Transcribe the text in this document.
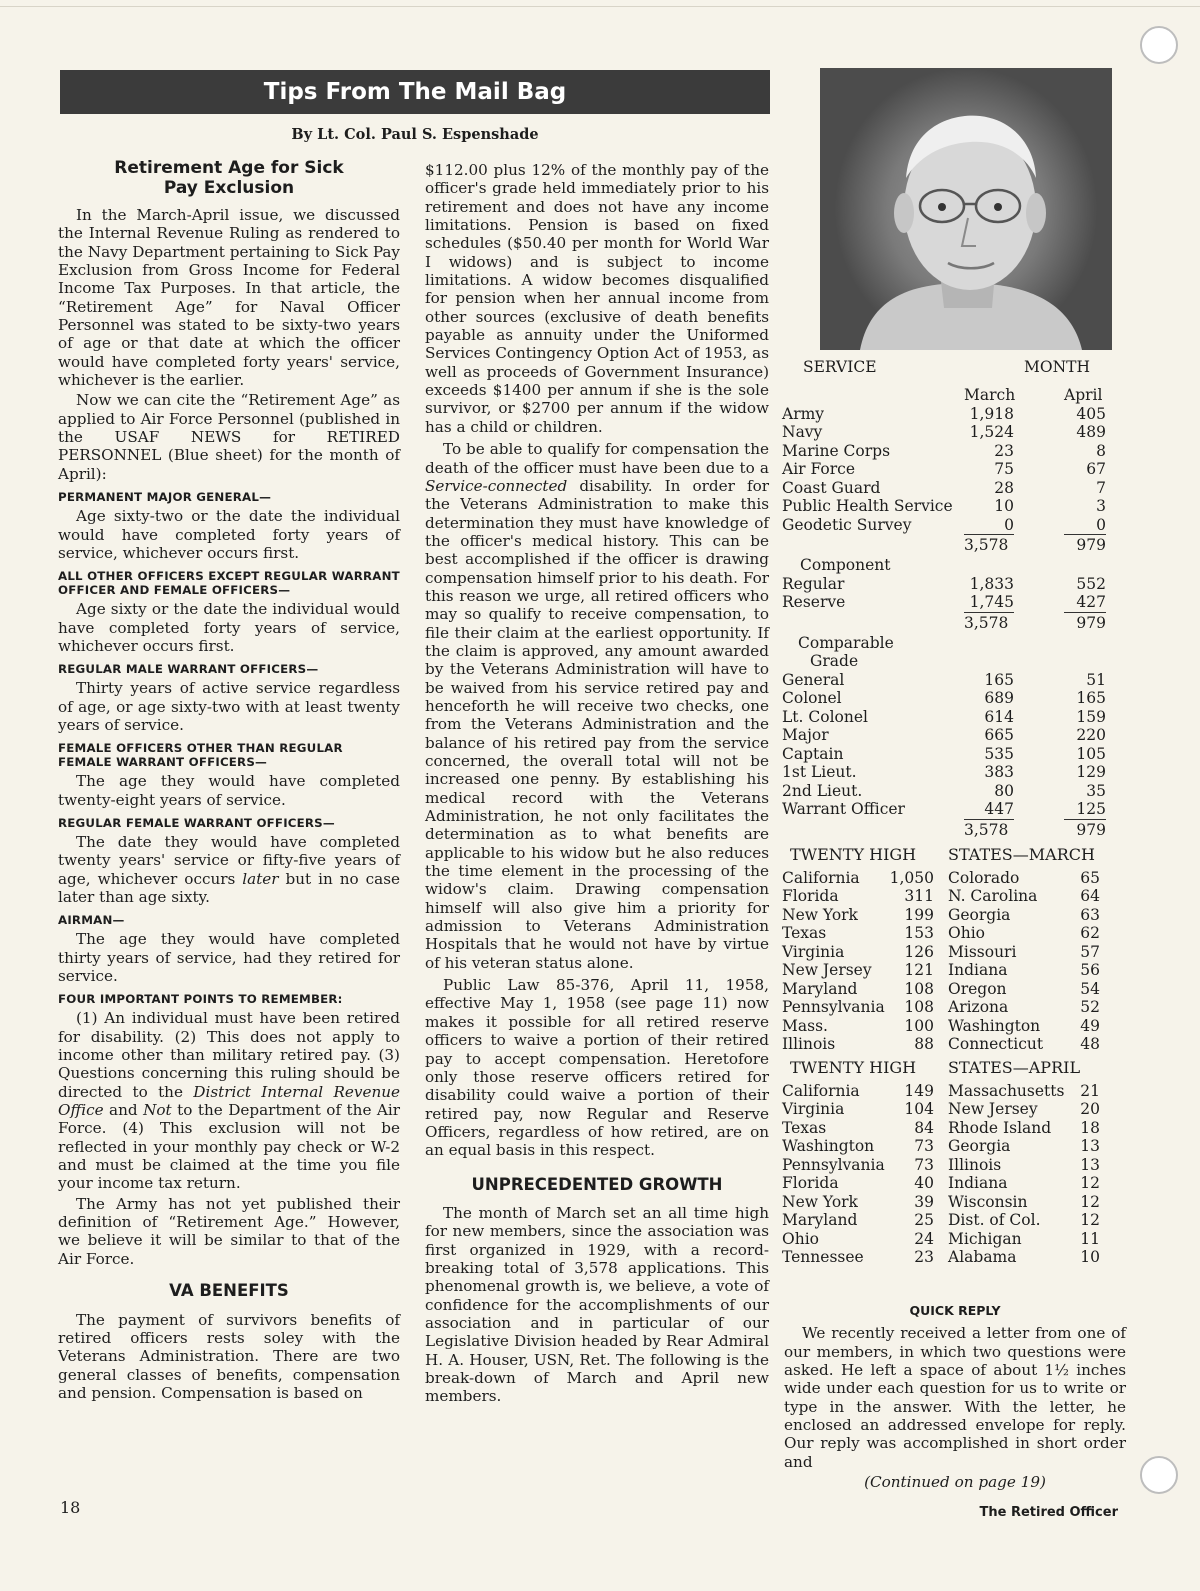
Tips From The Mail Bag
By Lt. Col. Paul S. Espenshade
Retirement Age for Sick Pay Exclusion

In the March-April issue, we discussed the Internal Revenue Ruling as rendered to the Navy Department pertaining to Sick Pay Exclusion from Gross Income for Federal Income Tax Purposes. In that article, the “Retirement Age” for Naval Officer Personnel was stated to be sixty-two years of age or that date at which the officer would have completed forty years' service, whichever is the earlier.

Now we can cite the “Retirement Age” as applied to Air Force Personnel (published in the USAF NEWS for RETIRED PERSONNEL (Blue sheet) for the month of April):

PERMANENT MAJOR GENERAL—

Age sixty-two or the date the individual would have completed forty years of service, whichever occurs first.

ALL OTHER OFFICERS EXCEPT REGULAR WARRANT OFFICER AND FEMALE OFFICERS—

Age sixty or the date the individual would have completed forty years of service, whichever occurs first.

REGULAR MALE WARRANT OFFICERS—

Thirty years of active service regardless of age, or age sixty-two with at least twenty years of service.

FEMALE OFFICERS OTHER THAN REGULAR FEMALE WARRANT OFFICERS—

The age they would have completed twenty-eight years of service.

REGULAR FEMALE WARRANT OFFICERS—

The date they would have completed twenty years' service or fifty-five years of age, whichever occurs later but in no case later than age sixty.

AIRMAN—

The age they would have completed thirty years of service, had they retired for service.

FOUR IMPORTANT POINTS TO REMEMBER:

(1) An individual must have been retired for disability. (2) This does not apply to income other than military retired pay. (3) Questions concerning this ruling should be directed to the District Internal Revenue Office and Not to the Department of the Air Force. (4) This exclusion will not be reflected in your monthly pay check or W-2 and must be claimed at the time you file your income tax return.

The Army has not yet published their definition of “Retirement Age.” However, we believe it will be similar to that of the Air Force.

VA BENEFITS

The payment of survivors benefits of retired officers rests soley with the Veterans Administration. There are two general classes of benefits, compensation and pension. Compensation is based on

$112.00 plus 12% of the monthly pay of the officer's grade held immediately prior to his retirement and does not have any income limitations. Pension is based on fixed schedules ($50.40 per month for World War I widows) and is subject to income limitations. A widow becomes disqualified for pension when her annual income from other sources (exclusive of death benefits payable as annuity under the Uniformed Services Contingency Option Act of 1953, as well as proceeds of Government Insurance) exceeds $1400 per annum if she is the sole survivor, or $2700 per annum if the widow has a child or children.

To be able to qualify for compensation the death of the officer must have been due to a Service-connected disability. In order for the Veterans Administration to make this determination they must have knowledge of the officer's medical history. This can be best accomplished if the officer is drawing compensation himself prior to his death. For this reason we urge, all retired officers who may so qualify to receive compensation, to file their claim at the earliest opportunity. If the claim is approved, any amount awarded by the Veterans Administration will have to be waived from his service retired pay and henceforth he will receive two checks, one from the Veterans Administration and the balance of his retired pay from the service concerned, the overall total will not be increased one penny. By establishing his medical record with the Veterans Administration, he not only facilitates the determination as to what benefits are applicable to his widow but he also reduces the time element in the processing of the widow's claim. Drawing compensation himself will also give him a priority for admission to Veterans Administration Hospitals that he would not have by virtue of his veteran status alone.

Public Law 85-376, April 11, 1958, effective May 1, 1958 (see page 11) now makes it possible for all retired reserve officers to waive a portion of their retired pay to accept compensation. Heretofore only those reserve officers retired for disability could waive a portion of their retired pay, now Regular and Reserve Officers, regardless of how retired, are on an equal basis in this respect.

UNPRECEDENTED GROWTH

The month of March set an all time high for new members, since the association was first organized in 1929, with a record-breaking total of 3,578 applications. This phenomenal growth is, we believe, a vote of confidence for the accomplishments of our association and in particular of our Legislative Division headed by Rear Admiral H. A. Houser, USN, Ret. The following is the break-down of March and April new members.

SERVICE	MONTH
March	April
Army	1,918	405
Navy	1,524	489
Marine Corps	23	8
Air Force	75	67
Coast Guard	28	7
Public Health Service	10	3
Geodetic Survey	0	0
3,578	979
Component
Regular	1,833	552
Reserve	1,745	427
3,578	979
Comparable
Grade
General	165	51
Colonel	689	165
Lt. Colonel	614	159
Major	665	220
Captain	535	105
1st Lieut.	383	129
2nd Lieut.	80	35
Warrant Officer	447	125
3,578	979
TWENTY HIGH STATES—MARCH
California	1,050 Colorado	65
Florida	311 N. Carolina	64
New York	199 Georgia	63
Texas	153 Ohio	62
Virginia	126 Missouri	57
New Jersey	121 Indiana	56
Maryland	108 Oregon	54
Pennsylvania	108 Arizona	52
Mass.	100 Washington	49
Illinois	88 Connecticut	48
TWENTY HIGH STATES—APRIL
California	149 Massachusetts	21
Virginia	104 New Jersey	20
Texas	84 Rhode Island	18
Washington	73 Georgia	13
Pennsylvania	73 Illinois	13
Florida	40 Indiana	12
New York	39 Wisconsin	12
Maryland	25 Dist. of Col.	12
Ohio	24 Michigan	11
Tennessee	23 Alabama	10
QUICK REPLY

We recently received a letter from one of our members, in which two questions were asked. He left a space of about 1½ inches wide under each question for us to write or type in the answer. With the letter, he enclosed an addressed envelope for reply. Our reply was accomplished in short order and

(Continued on page 19)
18	The Retired Officer
